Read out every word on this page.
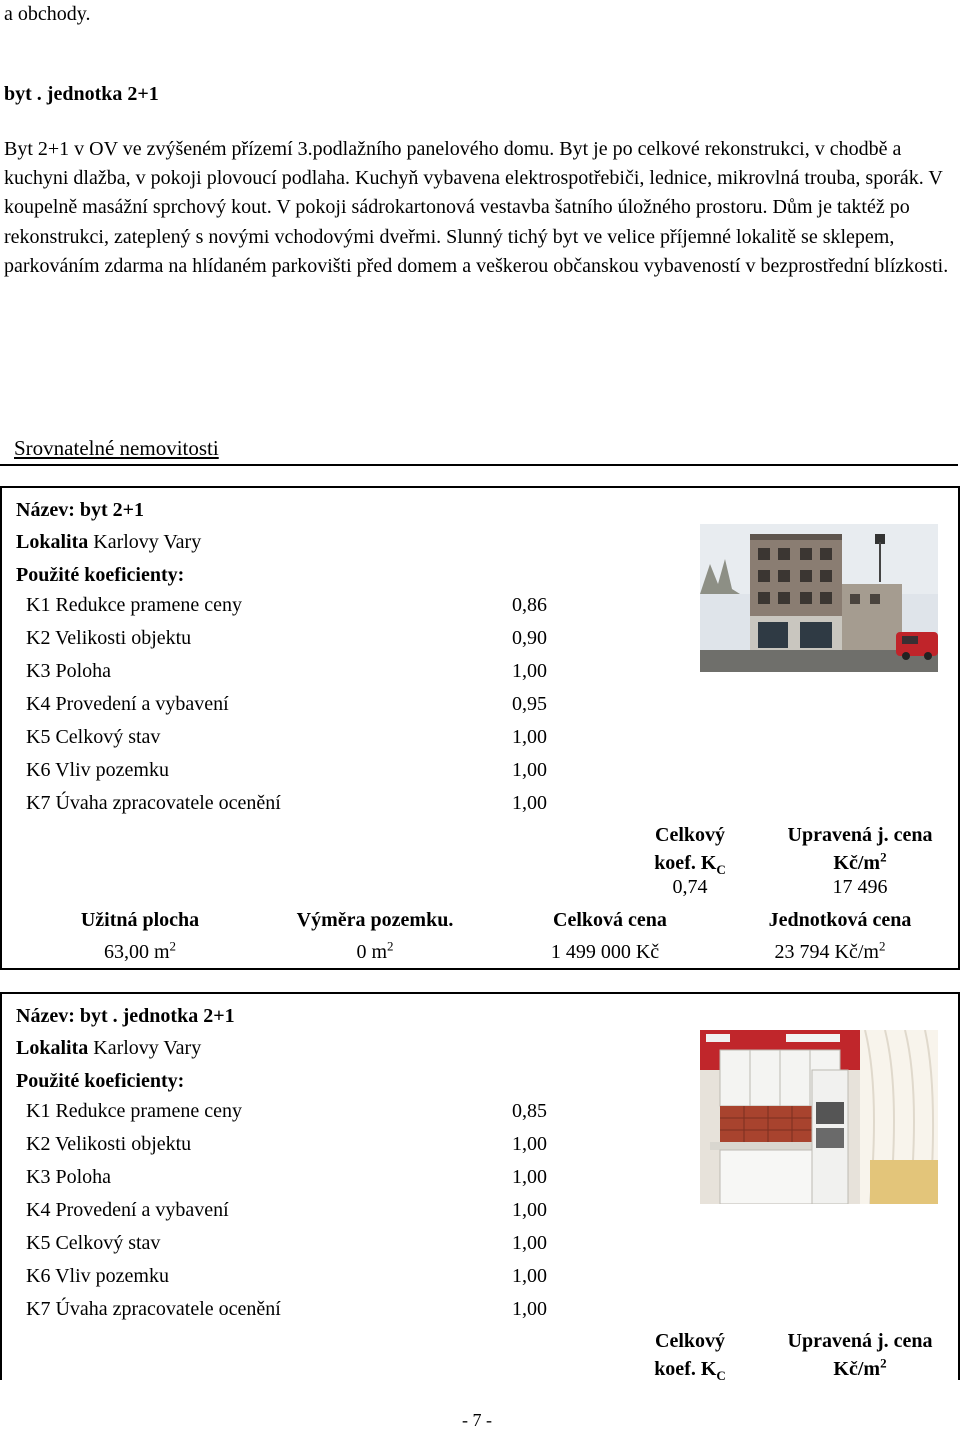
a obchody.
byt . jednotka 2+1
Byt 2+1 v OV ve zvýšeném přízemí 3.podlažního panelového domu. Byt je po celkové rekonstrukci, v chodbě a kuchyni dlažba, v pokoji plovoucí podlaha. Kuchyň vybavena elektrospotřebiči, lednice, mikrovlná trouba, sporák. V koupelně masážní sprchový kout. V pokoji sádrokartonová vestavba šatního úložného prostoru. Dům je taktéž po rekonstrukci, zateplený s novými vchodovými dveřmi. Slunný tichý byt ve velice příjemné lokalitě se sklepem, parkováním zdarma na hlídaném parkovišti před domem a veškerou občanskou vybaveností v bezprostřední blízkosti.
Srovnatelné nemovitosti
Název: byt 2+1
Lokalita Karlovy Vary
Použité koeficienty:
K1 Redukce pramene ceny	0,86
K2 Velikosti objektu	0,90
K3 Poloha	1,00
K4 Provedení a vybavení	0,95
K5 Celkový stav	1,00
K6 Vliv pozemku	1,00
K7 Úvaha zpracovatele ocenění	1,00
Celkový
koef. $K_C$
Upravená j. cena
$Kč/m^2$
0,74	17 496
Užitná plocha	Výměra pozemku.	Celková cena	Jednotková cena
63,00 $m^2$	0 $m^2$	1 499 000 Kč	23 794 $Kč/m^2$
Název: byt . jednotka 2+1
Lokalita Karlovy Vary
Použité koeficienty:
K1 Redukce pramene ceny	0,85
K2 Velikosti objektu	1,00
K3 Poloha	1,00
K4 Provedení a vybavení	1,00
K5 Celkový stav	1,00
K6 Vliv pozemku	1,00
K7 Úvaha zpracovatele ocenění	1,00
Celkový
koef. $K_C$
Upravená j. cena
$Kč/m^2$
- 7 -
